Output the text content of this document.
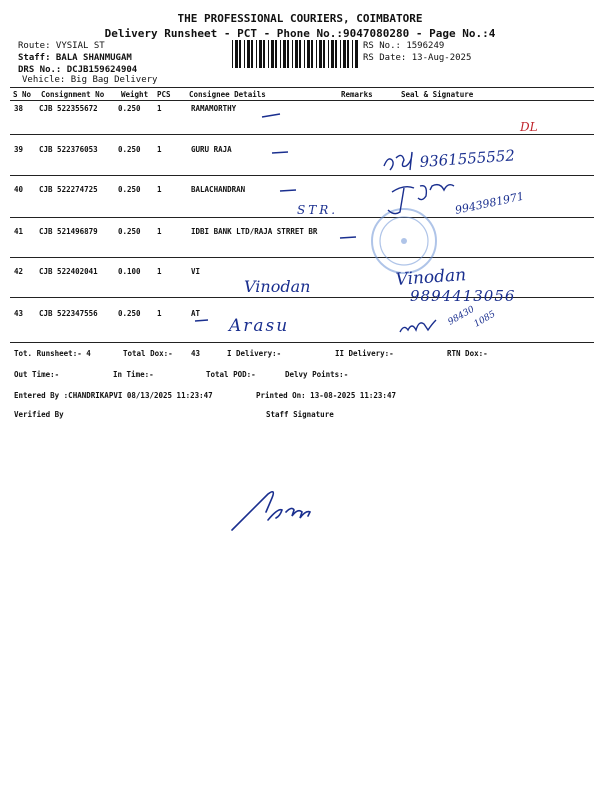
THE PROFESSIONAL COURIERS, COIMBATORE
Delivery Runsheet - PCT - Phone No.:9047080280 - Page No.:4
Route: VYSIAL ST
Staff: BALA SHANMUGAM
DRS No.: DCJB159624904
Vehicle: Big Bag Delivery
RS No.: 1596249
RS Date: 13-Aug-2025
S No Consignment No Weight PCS Consignee Details	Remarks	Seal & Signature
38 CJB 522355672	0.250 1	RAMAMORTHY
39 CJB 522376053	0.250 1	GURU RAJA
40 CJB 522274725	0.250 1	BALACHANDRAN
41 CJB 521496879	0.250 1	IDBI BANK LTD/RAJA STRRET BR
42 CJB 522402041	0.100 1	VI
43 CJB 522347556	0.250 1	AT
Tot. Runsheet:- 4	Total Dox:- 43	I Delivery:-	II Delivery:-	RTN Dox:-
Out Time:-	In Time:-	Total POD:-	Delvy Points:-
Entered By :CHANDRIKAPVI 08/13/2025 11:23:47	Printed On: 13-08-2025 11:23:47
Verified By	Staff Signature
DL
9361555552
STR.	9943981971
Vinodan	Vinodan
9894413056
Arasu	98430
1085
